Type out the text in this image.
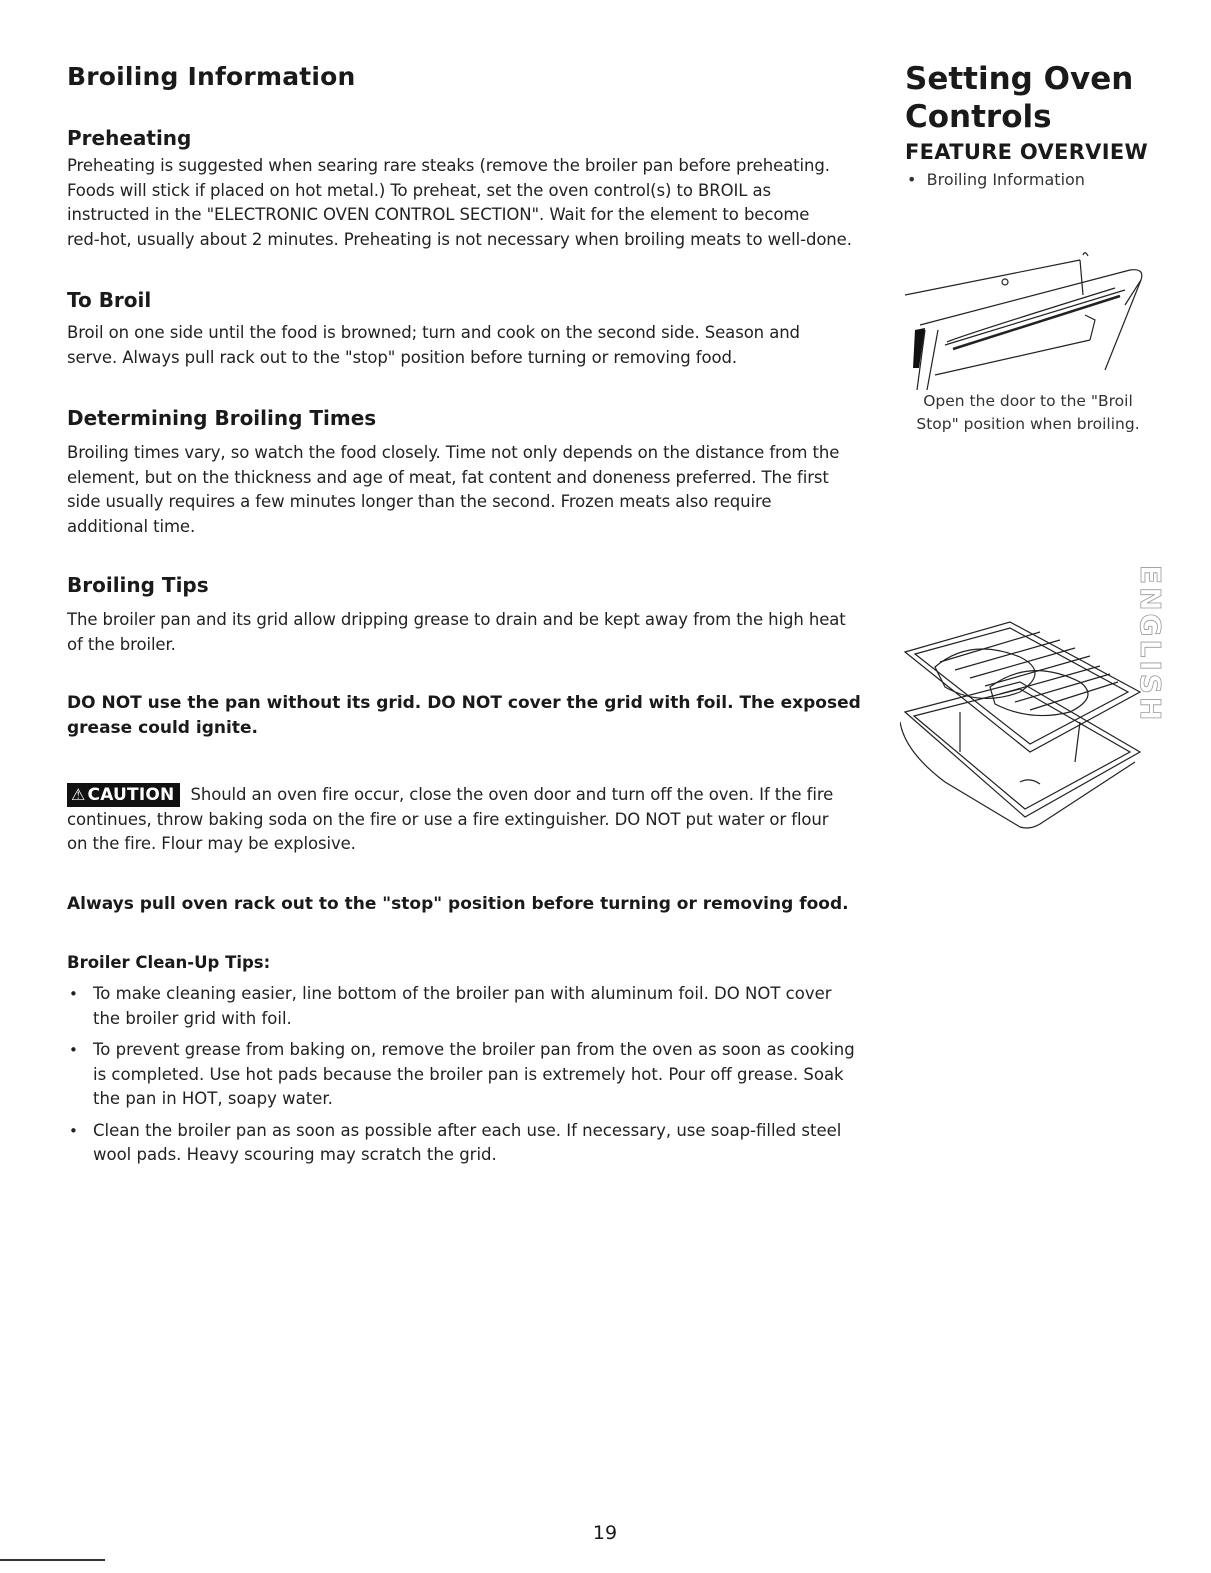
Broiling Information
Preheating
Preheating is suggested when searing rare steaks (remove the broiler pan before preheating.
Foods will stick if placed on hot metal.) To preheat, set the oven control(s) to BROIL as
instructed in the "ELECTRONIC OVEN CONTROL SECTION". Wait for the element to become
red-hot, usually about 2 minutes. Preheating is not necessary when broiling meats to well-done.
To Broil
Broil on one side until the food is browned; turn and cook on the second side. Season and
serve. Always pull rack out to the "stop" position before turning or removing food.
Determining Broiling Times
Broiling times vary, so watch the food closely. Time not only depends on the distance from the
element, but on the thickness and age of meat, fat content and doneness preferred. The first
side usually requires a few minutes longer than the second. Frozen meats also require
additional time.
Broiling Tips
The broiler pan and its grid allow dripping grease to drain and be kept away from the high heat
of the broiler.
DO NOT use the pan without its grid. DO NOT cover the grid with foil. The exposed
grease could ignite.
⚠ CAUTION Should an oven fire occur, close the oven door and turn off the oven. If the fire
continues, throw baking soda on the fire or use a fire extinguisher. DO NOT put water or flour
on the fire. Flour may be explosive.
Always pull oven rack out to the "stop" position before turning or removing food.
Broiler Clean-Up Tips:
• To make cleaning easier, line bottom of the broiler pan with aluminum foil. DO NOT cover
the broiler grid with foil.
• To prevent grease from baking on, remove the broiler pan from the oven as soon as cooking
is completed. Use hot pads because the broiler pan is extremely hot. Pour off grease. Soak
the pan in HOT, soapy water.
• Clean the broiler pan as soon as possible after each use. If necessary, use soap-filled steel
wool pads. Heavy scouring may scratch the grid.
Setting Oven
Controls
FEATURE OVERVIEW
• Broiling Information
Open the door to the "Broil
Stop" position when broiling.
ENGLISH
19
